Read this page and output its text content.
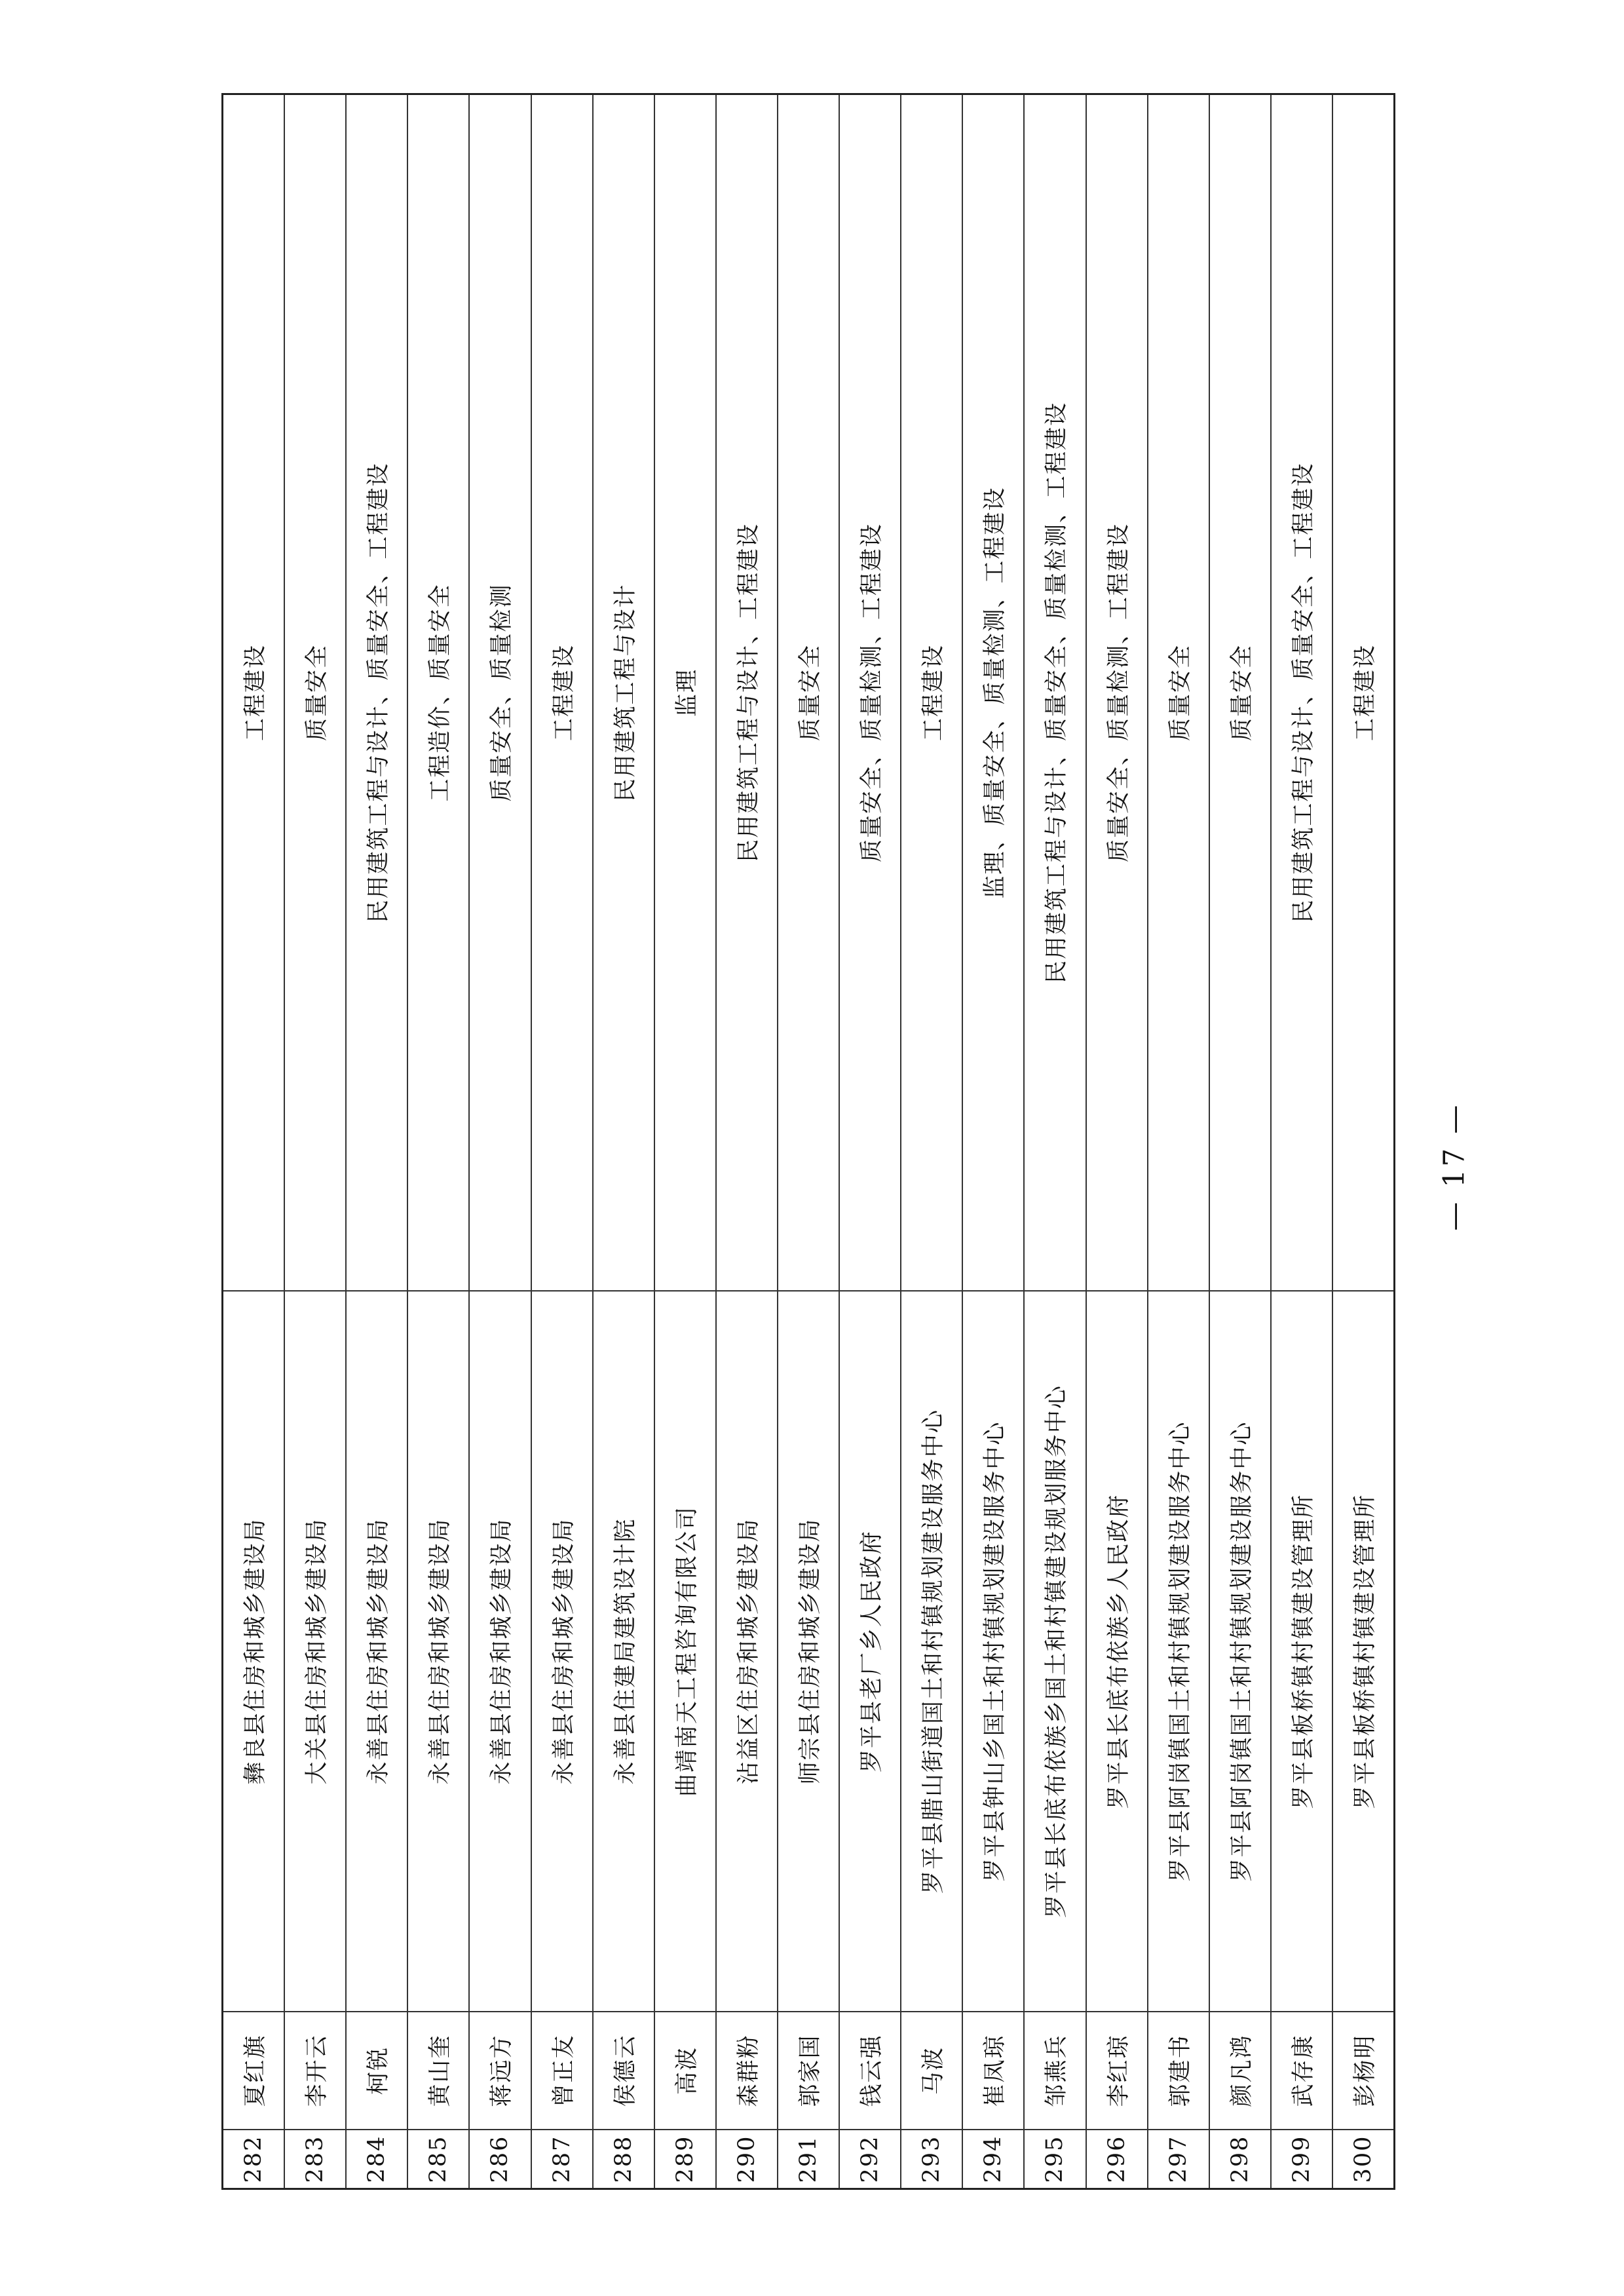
282
夏红旗
彝良县住房和城乡建设局
工程建设
283
李开云
大关县住房和城乡建设局
质量安全
284
柯锐
永善县住房和城乡建设局
民用建筑工程与设计、质量安全、工程建设
285
黄山奎
永善县住房和城乡建设局
工程造价、质量安全
286
蒋远方
永善县住房和城乡建设局
质量安全、质量检测
287
曾正友
永善县住房和城乡建设局
工程建设
288
侯德云
永善县住建局建筑设计院
民用建筑工程与设计
289
高波
曲靖南天工程咨询有限公司
监理
290
森群粉
沾益区住房和城乡建设局
民用建筑工程与设计、工程建设
291
郭家国
师宗县住房和城乡建设局
质量安全
292
钱云强
罗平县老厂乡人民政府
质量安全、质量检测、工程建设
293
马波
罗平县腊山街道国土和村镇规划建设服务中心
工程建设
294
崔凤琼
罗平县钟山乡国土和村镇规划建设服务中心
监理、质量安全、质量检测、工程建设
295
邹燕兵
罗平县长底布依族乡国土和村镇建设规划服务中心
民用建筑工程与设计、质量安全、质量检测、工程建设
296
李红琼
罗平县长底布依族乡人民政府
质量安全、质量检测、工程建设
297
郭建书
罗平县阿岗镇国土和村镇规划建设服务中心
质量安全
298
颜凡鸿
罗平县阿岗镇国土和村镇规划建设服务中心
质量安全
299
武存康
罗平县板桥镇村镇建设管理所
民用建筑工程与设计、质量安全、工程建设
300
彭杨明
罗平县板桥镇村镇建设管理所
工程建设
— 17 —
